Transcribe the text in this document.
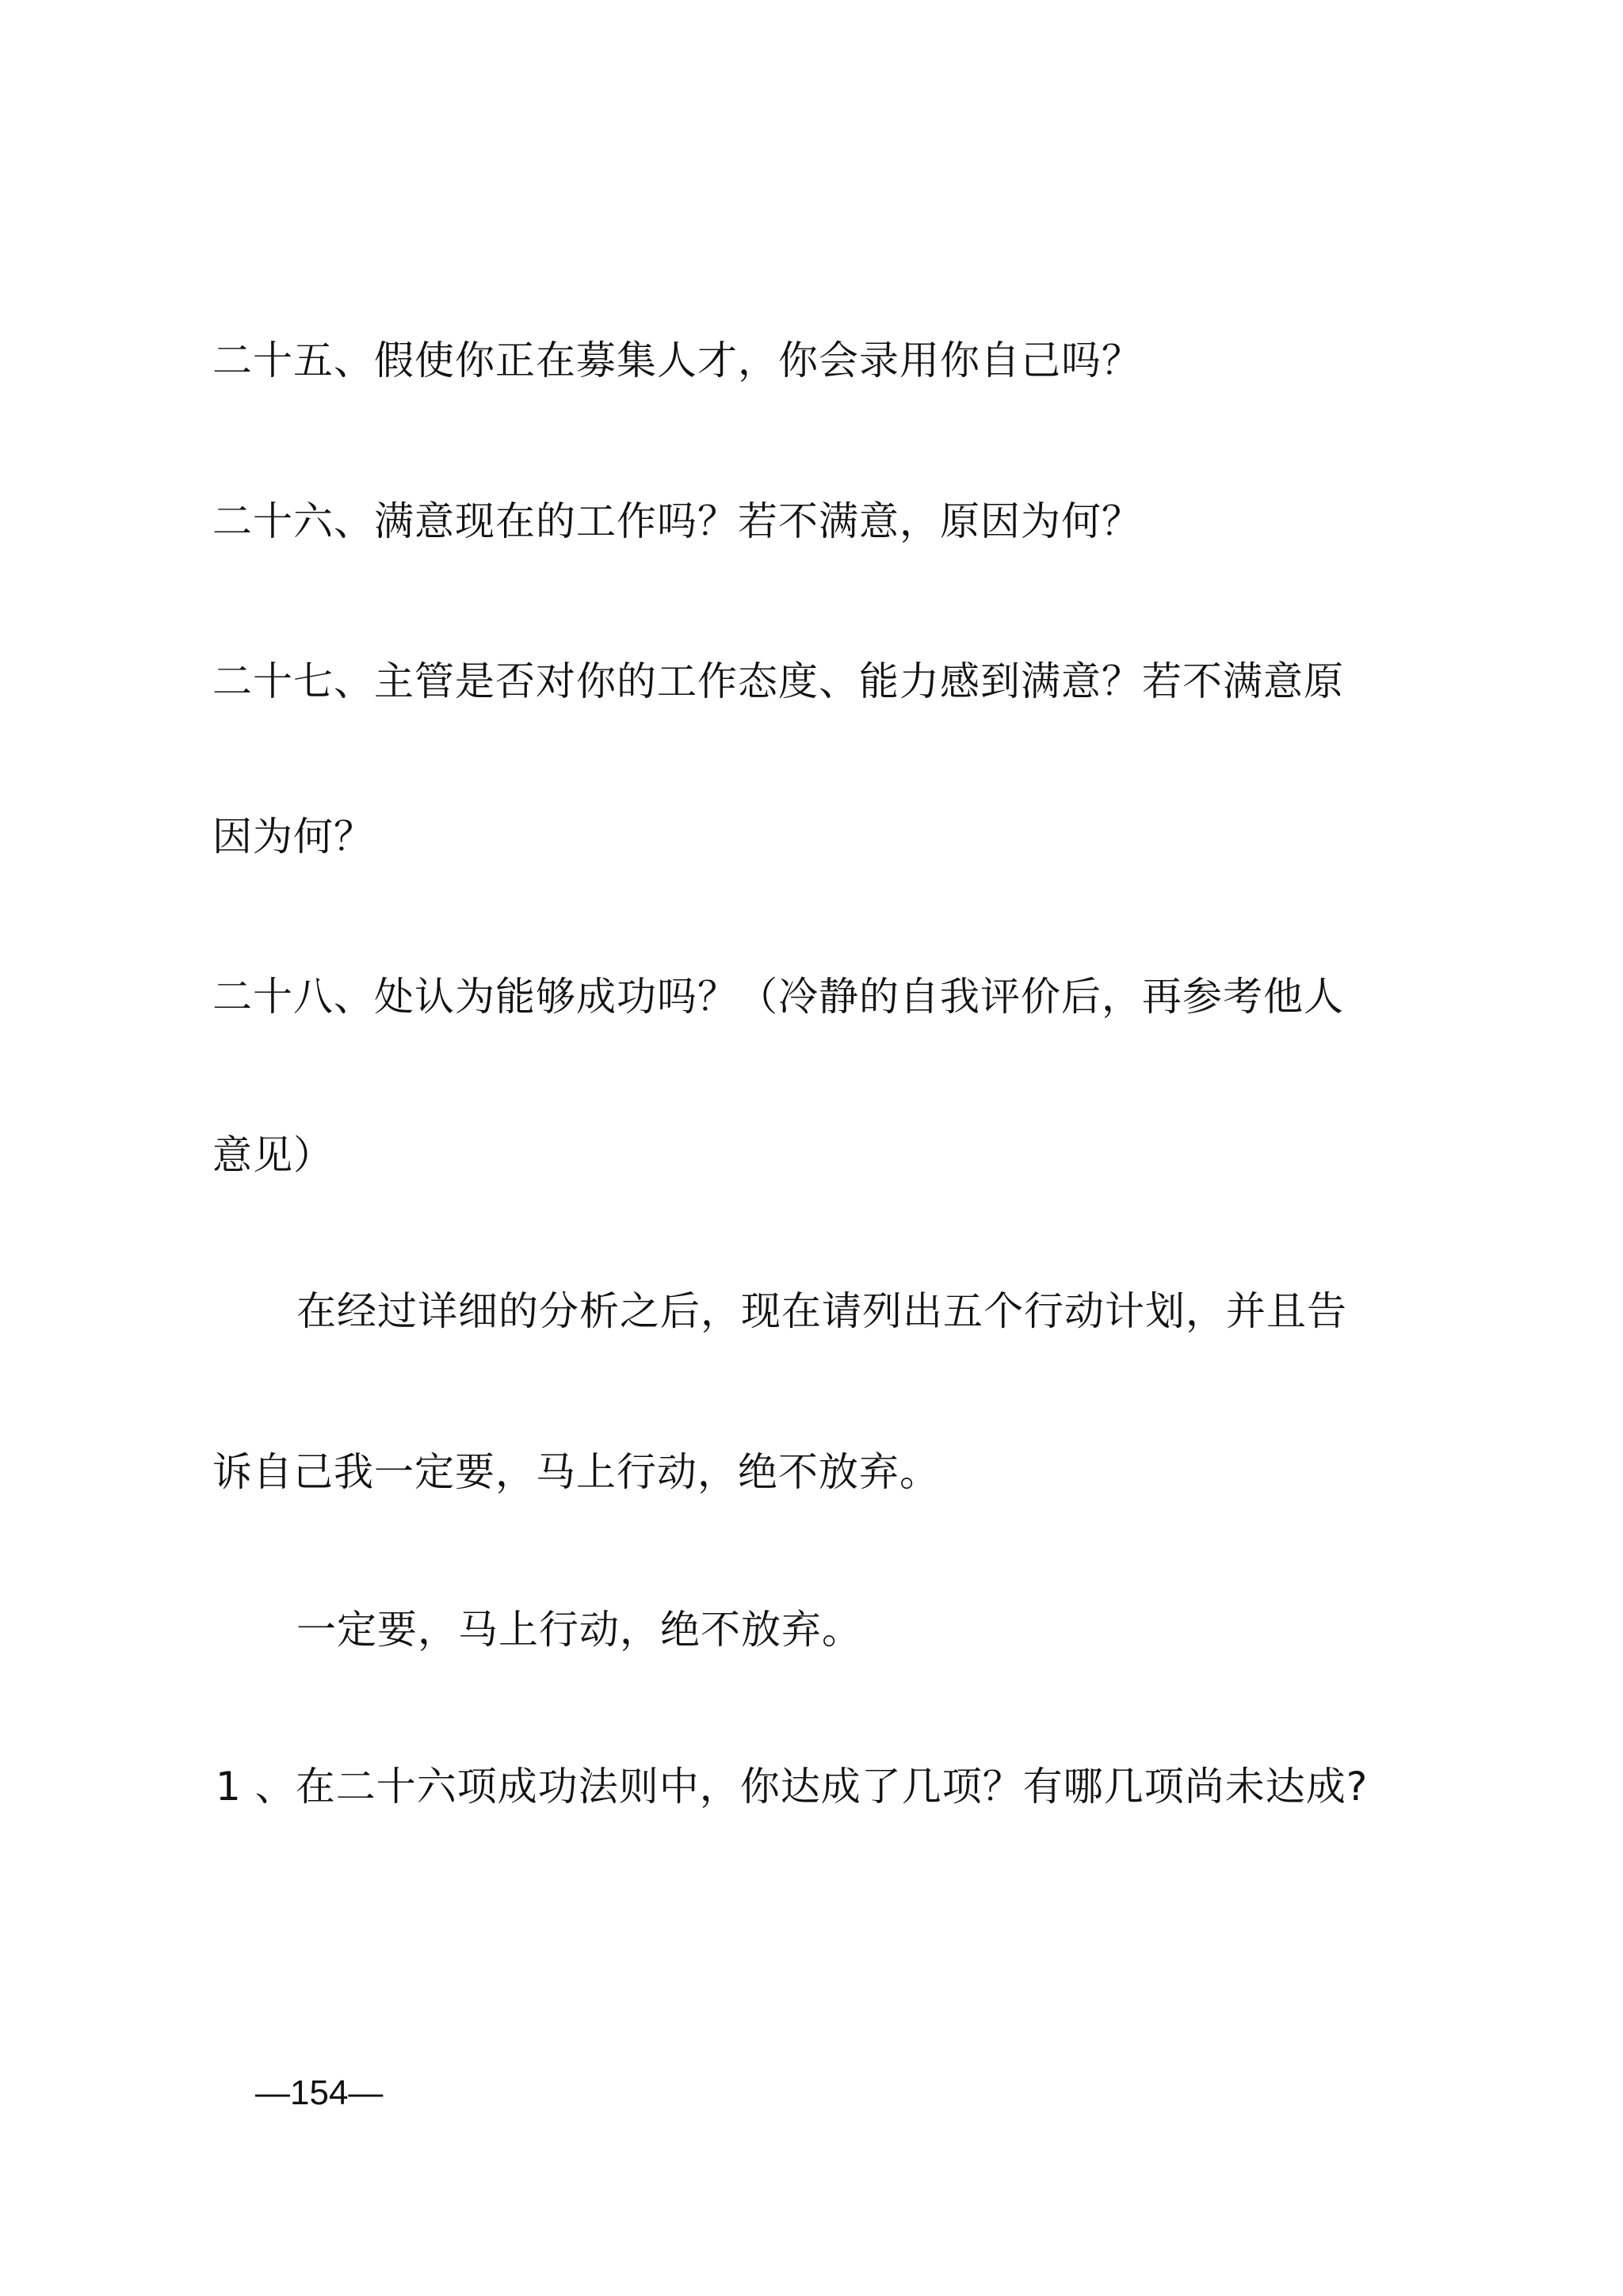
二十五、假使你正在募集人才，你会录用你自己吗？
二十六、满意现在的工作吗？若不满意，原因为何？
二十七、主管是否对你的工作态度、能力感到满意？若不满意原
因为何？
二十八、处认为能够成功吗？（冷静的自我评价后，再参考他人
意见）
在经过详细的分析之后，现在请列出五个行动计划，并且告
诉自己我一定要，马上行动，绝不放弃。
一定要，马上行动，绝不放弃。
1 、在二十六项成功法则中，你达成了几项？有哪几项尚未达成?
—154—
